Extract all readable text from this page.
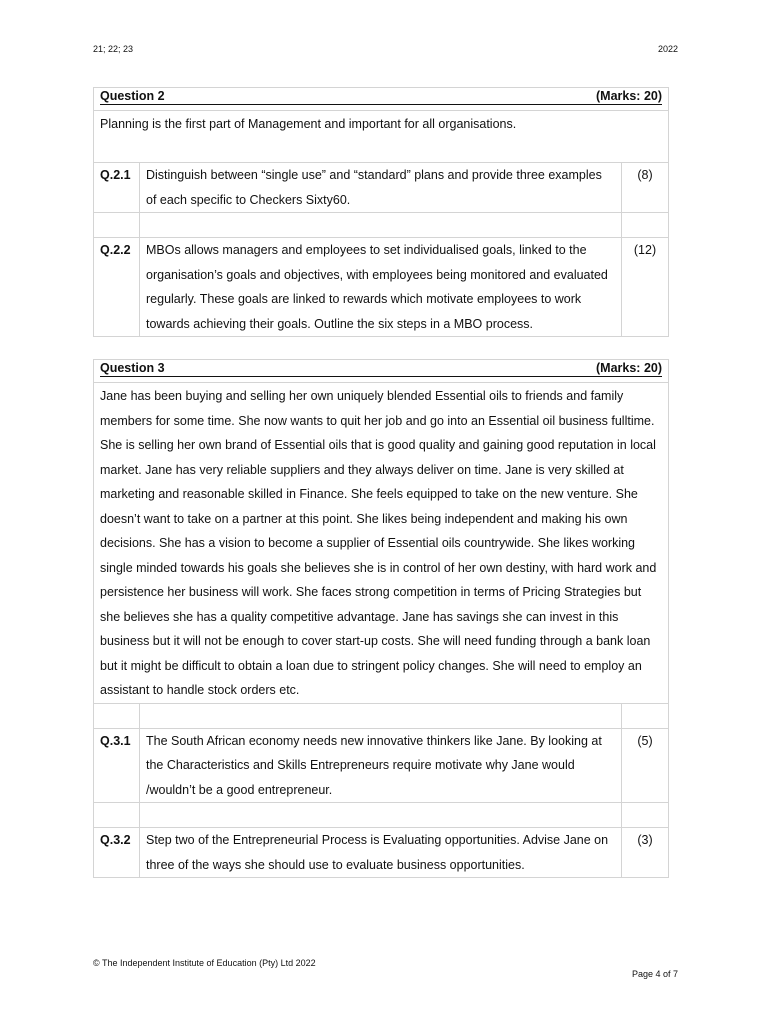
21; 22; 23	2022
Question 2 (Marks: 20)		

Planning is the first part of Management and important for all organisations.		
Q.2.1	Distinguish between “single use” and “standard” plans and provide three examples of each specific to Checkers Sixty60.	(8)

Q.2.2	MBOs allows managers and employees to set individualised goals, linked to the organisation’s goals and objectives, with employees being monitored and evaluated regularly. These goals are linked to rewards which motivate employees to work towards achieving their goals. Outline the six steps in a MBO process.	(12)
Question 3 (Marks: 20)		

Jane has been buying and selling her own uniquely blended Essential oils to friends and family members for some time. She now wants to quit her job and go into an Essential oil business fulltime. She is selling her own brand of Essential oils that is good quality and gaining good reputation in local market. Jane has very reliable suppliers and they always deliver on time. Jane is very skilled at marketing and reasonable skilled in Finance. She feels equipped to take on the new venture. She doesn’t want to take on a partner at this point. She likes being independent and making his own decisions. She has a vision to become a supplier of Essential oils countrywide. She likes working single minded towards his goals she believes she is in control of her own destiny, with hard work and persistence her business will work. She faces strong competition in terms of Pricing Strategies but she believes she has a quality competitive advantage. Jane has savings she can invest in this business but it will not be enough to cover start-up costs. She will need funding through a bank loan but it might be difficult to obtain a loan due to stringent policy changes. She will need to employ an assistant to handle stock orders etc.		

Q.3.1	The South African economy needs new innovative thinkers like Jane. By looking at the Characteristics and Skills Entrepreneurs require motivate why Jane would /wouldn’t be a good entrepreneur.	(5)

Q.3.2	Step two of the Entrepreneurial Process is Evaluating opportunities. Advise Jane on three of the ways she should use to evaluate business opportunities.	(3)
© The Independent Institute of Education (Pty) Ltd 2022
Page 4 of 7
